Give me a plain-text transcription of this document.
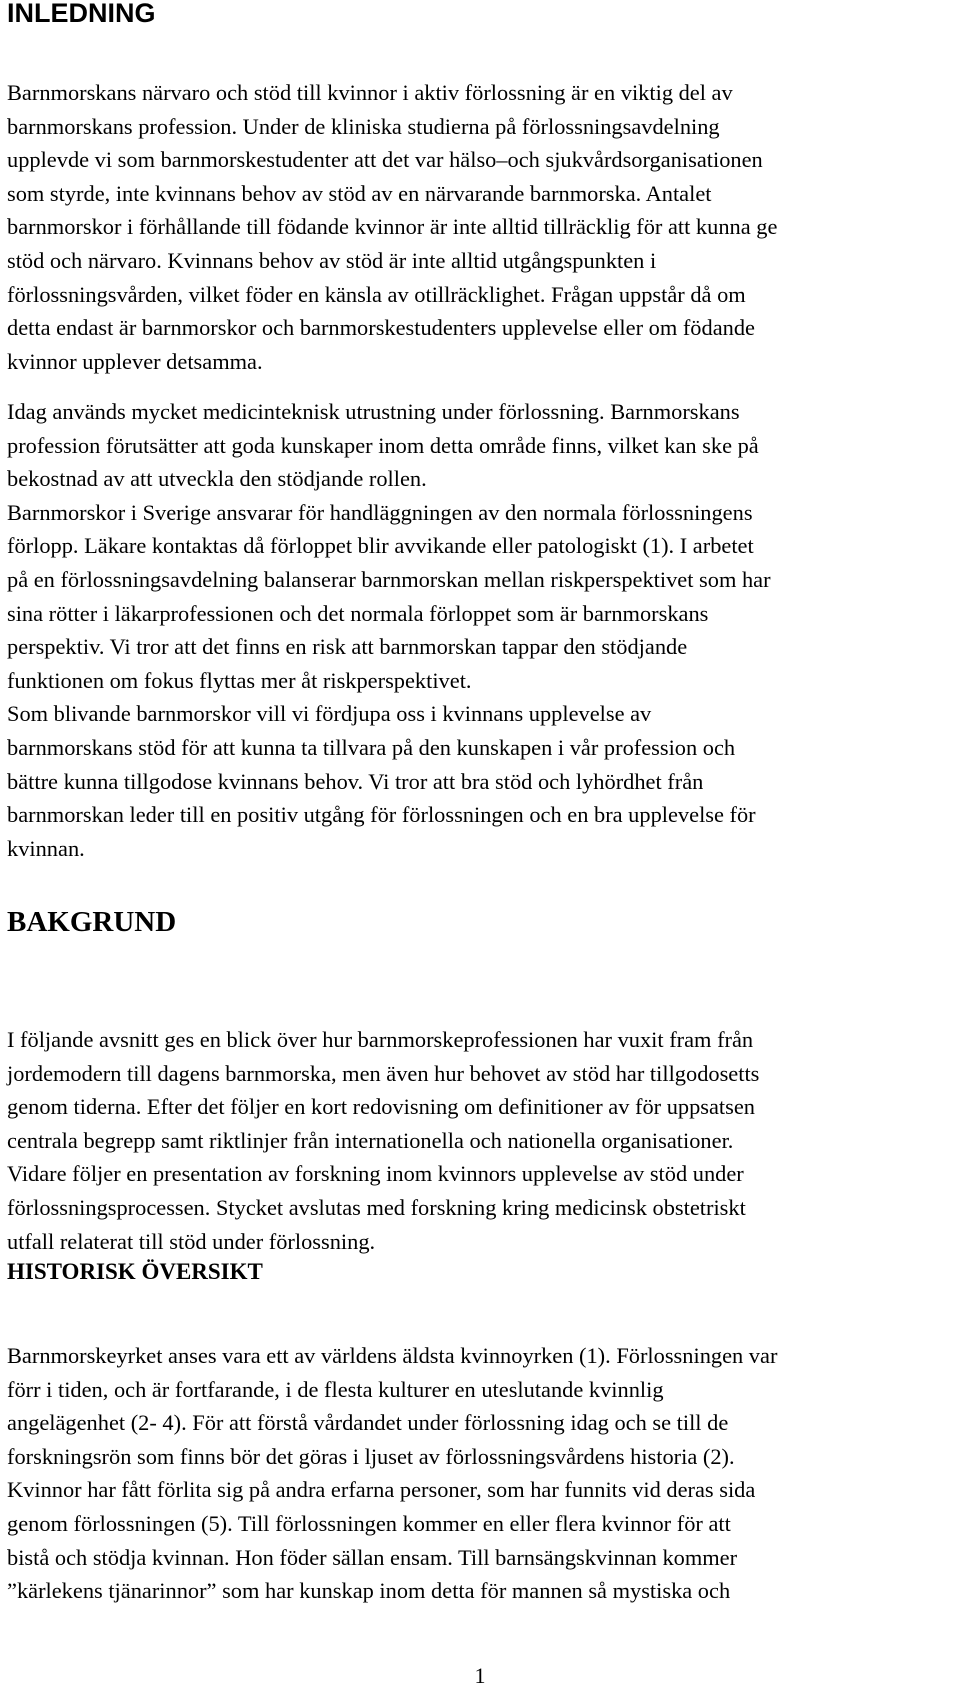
INLEDNING

Barnmorskans närvaro och stöd till kvinnor i aktiv förlossning är en viktig del av
barnmorskans profession. Under de kliniska studierna på förlossningsavdelning
upplevde vi som barnmorskestudenter att det var hälso–och sjukvårdsorganisationen
som styrde, inte kvinnans behov av stöd av en närvarande barnmorska. Antalet
barnmorskor i förhållande till födande kvinnor är inte alltid tillräcklig för att kunna ge
stöd och närvaro. Kvinnans behov av stöd är inte alltid utgångspunkten i
förlossningsvården, vilket föder en känsla av otillräcklighet. Frågan uppstår då om
detta endast är barnmorskor och barnmorskestudenters upplevelse eller om födande
kvinnor upplever detsamma.

Idag används mycket medicinteknisk utrustning under förlossning. Barnmorskans
profession förutsätter att goda kunskaper inom detta område finns, vilket kan ske på
bekostnad av att utveckla den stödjande rollen.
Barnmorskor i Sverige ansvarar för handläggningen av den normala förlossningens
förlopp. Läkare kontaktas då förloppet blir avvikande eller patologiskt (1). I arbetet
på en förlossningsavdelning balanserar barnmorskan mellan riskperspektivet som har
sina rötter i läkarprofessionen och det normala förloppet som är barnmorskans
perspektiv. Vi tror att det finns en risk att barnmorskan tappar den stödjande
funktionen om fokus flyttas mer åt riskperspektivet.
Som blivande barnmorskor vill vi fördjupa oss i kvinnans upplevelse av
barnmorskans stöd för att kunna ta tillvara på den kunskapen i vår profession och
bättre kunna tillgodose kvinnans behov. Vi tror att bra stöd och lyhördhet från
barnmorskan leder till en positiv utgång för förlossningen och en bra upplevelse för
kvinnan.

BAKGRUND

I följande avsnitt ges en blick över hur barnmorskeprofessionen har vuxit fram från
jordemodern till dagens barnmorska, men även hur behovet av stöd har tillgodosetts
genom tiderna. Efter det följer en kort redovisning om definitioner av för uppsatsen
centrala begrepp samt riktlinjer från internationella och nationella organisationer.
Vidare följer en presentation av forskning inom kvinnors upplevelse av stöd under
förlossningsprocessen. Stycket avslutas med forskning kring medicinsk obstetriskt
utfall relaterat till stöd under förlossning.

HISTORISK ÖVERSIKT

Barnmorskeyrket anses vara ett av världens äldsta kvinnoyrken (1). Förlossningen var
förr i tiden, och är fortfarande, i de flesta kulturer en uteslutande kvinnlig
angelägenhet (2- 4). För att förstå vårdandet under förlossning idag och se till de
forskningsrön som finns bör det göras i ljuset av förlossningsvårdens historia (2).
Kvinnor har fått förlita sig på andra erfarna personer, som har funnits vid deras sida
genom förlossningen (5). Till förlossningen kommer en eller flera kvinnor för att
bistå och stödja kvinnan. Hon föder sällan ensam. Till barnsängskvinnan kommer
”kärlekens tjänarinnor” som har kunskap inom detta för mannen så mystiska och

1
